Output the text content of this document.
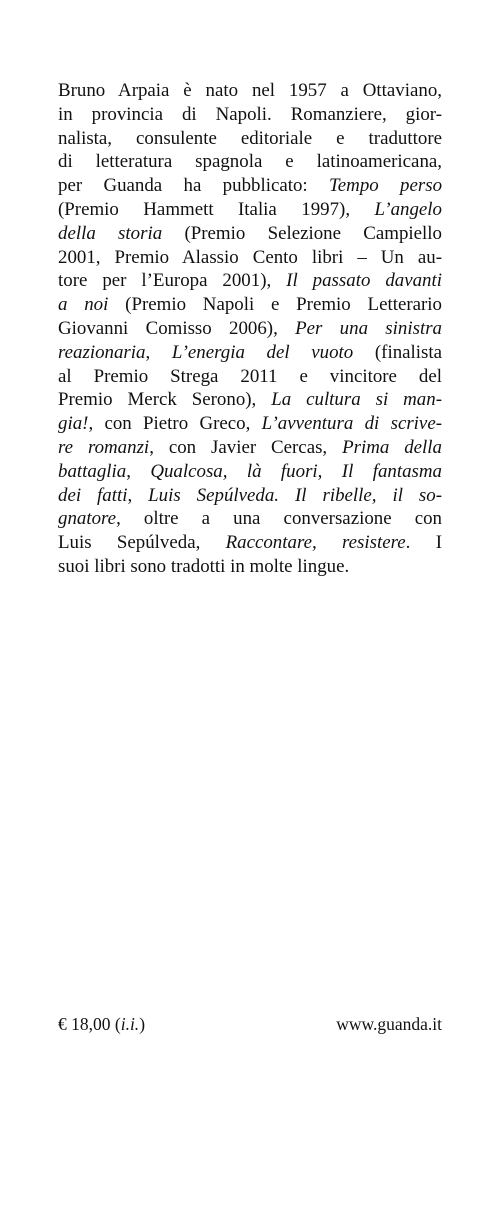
Bruno Arpaia è nato nel 1957 a Ottaviano,
in provincia di Napoli. Romanziere, gior-
nalista, consulente editoriale e traduttore
di letteratura spagnola e latinoamericana,
per Guanda ha pubblicato: Tempo perso
(Premio Hammett Italia 1997), L’angelo
della storia (Premio Selezione Campiello
2001, Premio Alassio Cento libri – Un au-
tore per l’Europa 2001), Il passato davanti
a noi (Premio Napoli e Premio Letterario
Giovanni Comisso 2006), Per una sinistra
reazionaria, L’energia del vuoto (finalista
al Premio Strega 2011 e vincitore del
Premio Merck Serono), La cultura si man-
gia!, con Pietro Greco, L’avventura di scrive-
re romanzi, con Javier Cercas, Prima della
battaglia, Qualcosa, là fuori, Il fantasma
dei fatti, Luis Sepúlveda. Il ribelle, il so-
gnatore, oltre a una conversazione con
Luis Sepúlveda, Raccontare, resistere. I
suoi libri sono tradotti in molte lingue.
€ 18,00 (i.i.)	www.guanda.it
